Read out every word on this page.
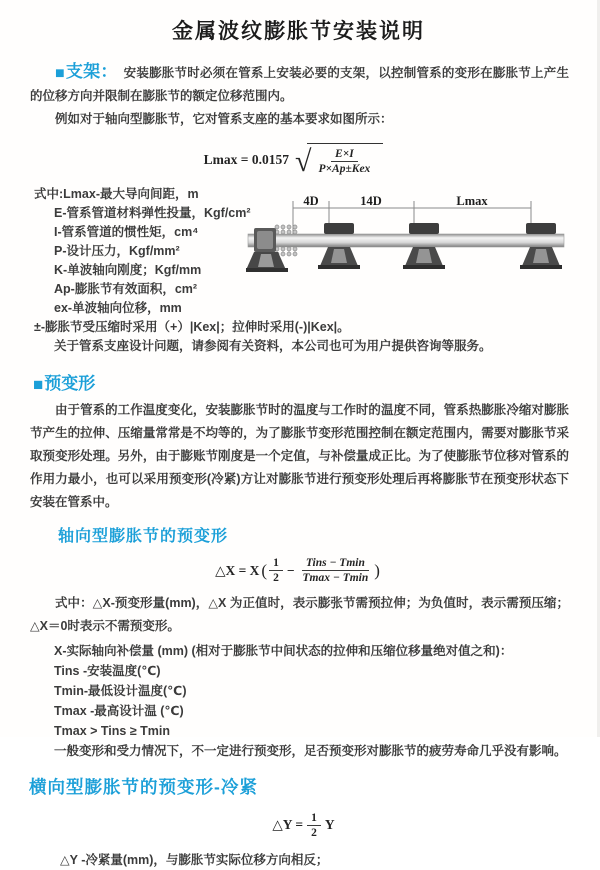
金属波纹膨胀节安装说明

■支架： 安装膨胀节时必须在管系上安装必要的支架，以控制管系的变形在膨胀节上产生的位移方向并限制在膨胀节的额定位移范围内。

例如对于轴向型膨胀节，它对管系支座的基本要求如图所示：

Lmax = 0.0157 √ $\frac{E\times I}{\text{P×Ap±Kex}}$
式中:Lmax-最大导向间距，m
E-管系管道材料弹性投量，Kgf/cm²
I-管系管道的惯性矩，cm⁴
P-设计压力，Kgf/mm²
K-单波轴向刚度；Kgf/mm
Ap-膨胀节有效面积，cm²
ex-单波轴向位移，mm
±-膨胀节受压缩时采用（+）|Kex|；拉伸时采用(-)|Kex|。
关于管系支座设计问题，请参阅有关资料，本公司也可为用户提供咨询等服务。
4D	14D	Lmax
■预变形

由于管系的工作温度变化，安装膨胀节时的温度与工作时的温度不同，管系热膨胀冷缩对膨胀节产生的拉伸、压缩量常常是不均等的，为了膨胀节变形范围控制在额定范围内，需要对膨胀节采取预变形处理。另外，由于膨账节刚度是一个定值，与补偿量成正比。为了使膨胀节位移对管系的作用力最小，也可以采用预变形(冷紧)方让对膨胀节进行预变形处理后再将膨胀节在预变形状态下安装在管系中。

轴向型膨胀节的预变形
△X = X ( $\frac{1}{2} - \frac{\text{Tins − Tmin}}{Tmax - Tmin}$ )

式中：△X-预变形量(mm)，△X 为正值时，表示膨张节需预拉伸；为负值时，表示需预压缩；△X＝0时表示不需预变形。

X-实际轴向补偿量 (mm) (相对于膨胀节中间状态的拉伸和压缩位移量绝对值之和)：
Tins -安装温度(℃)
Tmin-最低设计温度(℃)
Tmax -最高设计温 (℃)
Tmax > Tins ≥ Tmin
一般变形和受力情况下，不一定进行预变形，足否预变形对膨胀节的疲劳寿命几乎没有影响。
横向型膨胀节的预变形-冷紧
△Y = $\frac{1}{2}$ Y
△Y -冷紧量(mm)，与膨胀节实际位移方向相反；
